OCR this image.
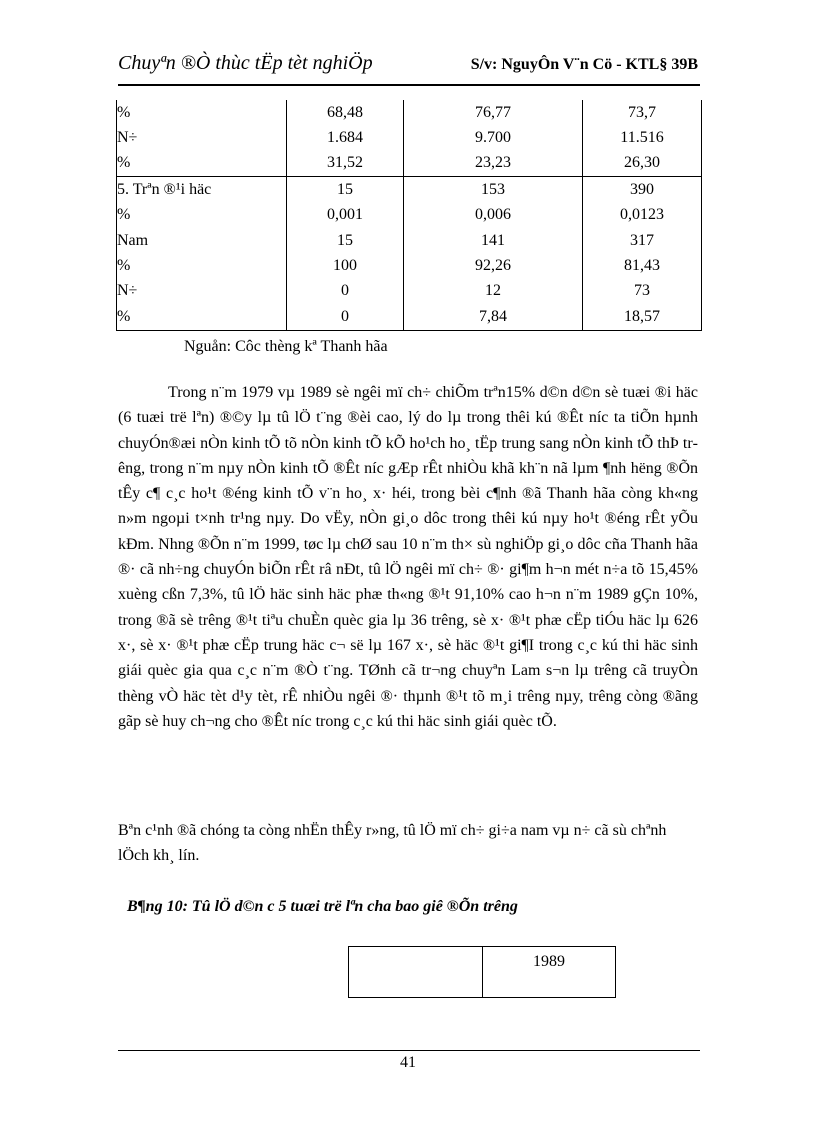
Chuyªn ®Ò thùc tËp tèt nghiÖp	S/v: NguyÔn V¨n Cö - KTL§ 39B
%	68,48	76,77	73,7
N÷	1.684	9.700	11.516
%	31,52	23,23	26,30
5. Trªn ®¹i häc	15	153	390
%	0,001	0,006	0,0123
Nam	15	141	317
%	100	92,26	81,43
N÷	0	12	73
%	0	7,84	18,57
Nguån: Côc thèng kª Thanh hãa

Trong n¨m 1979 vµ 1989 sè ngêi mï ch÷ chiÕm trªn15% d©n d©n sè tuæi ®i häc (6 tuæi trë lªn) ®©y lµ tû lÖ t¨ng ®èi cao, lý do lµ trong thêi kú ®Êt níc ta tiÕn hµnh chuyÓn®æi nÒn kinh tÕ tõ nÒn kinh tÕ kÕ ho¹ch ho¸ tËp trung sang nÒn kinh tÕ thÞ trêng, trong n¨m nµy nÒn kinh tÕ ®Êt níc gÆp rÊt nhiÒu khã kh¨n nã lµm ¶nh hëng ®Õn tÊy c¶ c¸c ho¹t ®éng kinh tÕ v¨n ho¸ x· héi, trong bèi c¶nh ®ã Thanh hãa còng kh«ng n»m ngoµi t×nh tr¹ng nµy. Do vËy, nÒn gi¸o dôc trong thêi kú nµy ho¹t ®éng rÊt yÕu kÐm. Nhng ®Õn n¨m 1999, tøc lµ chØ sau 10 n¨m th× sù nghiÖp gi¸o dôc cña Thanh hãa ®· cã nh÷ng chuyÓn biÕn rÊt râ nÐt, tû lÖ ngêi mï ch÷ ®· gi¶m h¬n mét n÷a tõ 15,45% xuèng cßn 7,3%, tû lÖ häc sinh häc phæ th«ng ®¹t 91,10% cao h¬n n¨m 1989 gÇn 10%, trong ®ã sè trêng ®¹t tiªu chuÈn quèc gia lµ 36 trêng, sè x· ®¹t phæ cËp tiÓu häc lµ 626 x·, sè x· ®¹t phæ cËp trung häc c¬ së lµ 167 x·, sè häc ®¹t gi¶I trong c¸c kú thi häc sinh giái quèc gia qua c¸c n¨m ®Ò t¨ng. TØnh cã tr¬ng chuyªn Lam s¬n lµ trêng cã truyÒn thèng vÒ häc tèt d¹y tèt, rÊ nhiÒu ngêi ®· thµnh ®¹t tõ m¸i trêng nµy, trêng còng ®ãng gãp sè huy ch¬ng cho ®Êt níc trong c¸c kú thi häc sinh giái quèc tÕ.

Bªn c¹nh ®ã chóng ta còng nhËn thÊy r»ng, tû lÖ mï ch÷ gi÷a nam vµ n÷ cã sù chªnh lÖch kh¸ lín.

B¶ng 10: Tû lÖ d©n c 5 tuæi trë lªn cha bao giê ®Õn trêng
	1989
41
